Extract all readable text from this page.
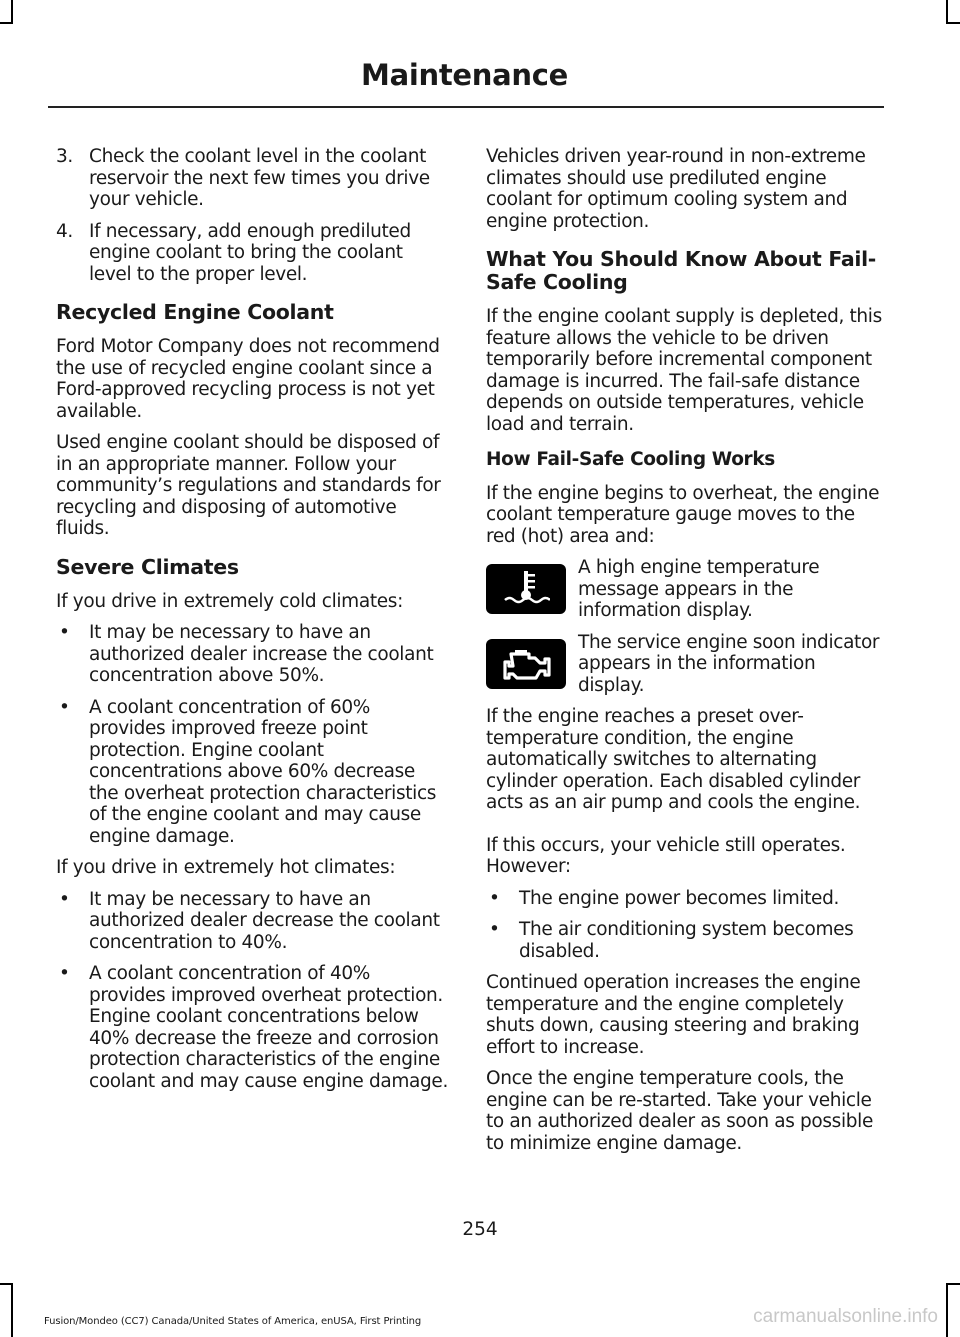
Maintenance
3. Check the coolant level in the coolant reservoir the next few times you drive your vehicle.
4. If necessary, add enough prediluted engine coolant to bring the coolant level to the proper level.
Recycled Engine Coolant

Ford Motor Company does not recommend the use of recycled engine coolant since a Ford-approved recycling process is not yet available.

Used engine coolant should be disposed of in an appropriate manner. Follow your community’s regulations and standards for recycling and disposing of automotive fluids.

Severe Climates

If you drive in extremely cold climates:

• It may be necessary to have an authorized dealer increase the coolant concentration above 50%.
• A coolant concentration of 60% provides improved freeze point protection. Engine coolant concentrations above 60% decrease the overheat protection characteristics of the engine coolant and may cause engine damage.

If you drive in extremely hot climates:

• It may be necessary to have an authorized dealer decrease the coolant concentration to 40%.
• A coolant concentration of 40% provides improved overheat protection. Engine coolant concentrations below 40% decrease the freeze and corrosion protection characteristics of the engine coolant and may cause engine damage.

Vehicles driven year-round in non-extreme climates should use prediluted engine coolant for optimum cooling system and engine protection.

What You Should Know About Fail-Safe Cooling

If the engine coolant supply is depleted, this feature allows the vehicle to be driven temporarily before incremental component damage is incurred. The fail-safe distance depends on outside temperatures, vehicle load and terrain.

How Fail-Safe Cooling Works

If the engine begins to overheat, the engine coolant temperature gauge moves to the red (hot) area and:

A high engine temperature message appears in the information display.
The service engine soon indicator appears in the information display.

If the engine reaches a preset over-temperature condition, the engine automatically switches to alternating cylinder operation. Each disabled cylinder acts as an air pump and cools the engine.

If this occurs, your vehicle still operates. However:

• The engine power becomes limited.
• The air conditioning system becomes disabled.

Continued operation increases the engine temperature and the engine completely shuts down, causing steering and braking effort to increase.

Once the engine temperature cools, the engine can be re-started. Take your vehicle to an authorized dealer as soon as possible to minimize engine damage.

254
Fusion/Mondeo (CC7) Canada/United States of America, enUSA, First Printing	carmanualsonline.info
